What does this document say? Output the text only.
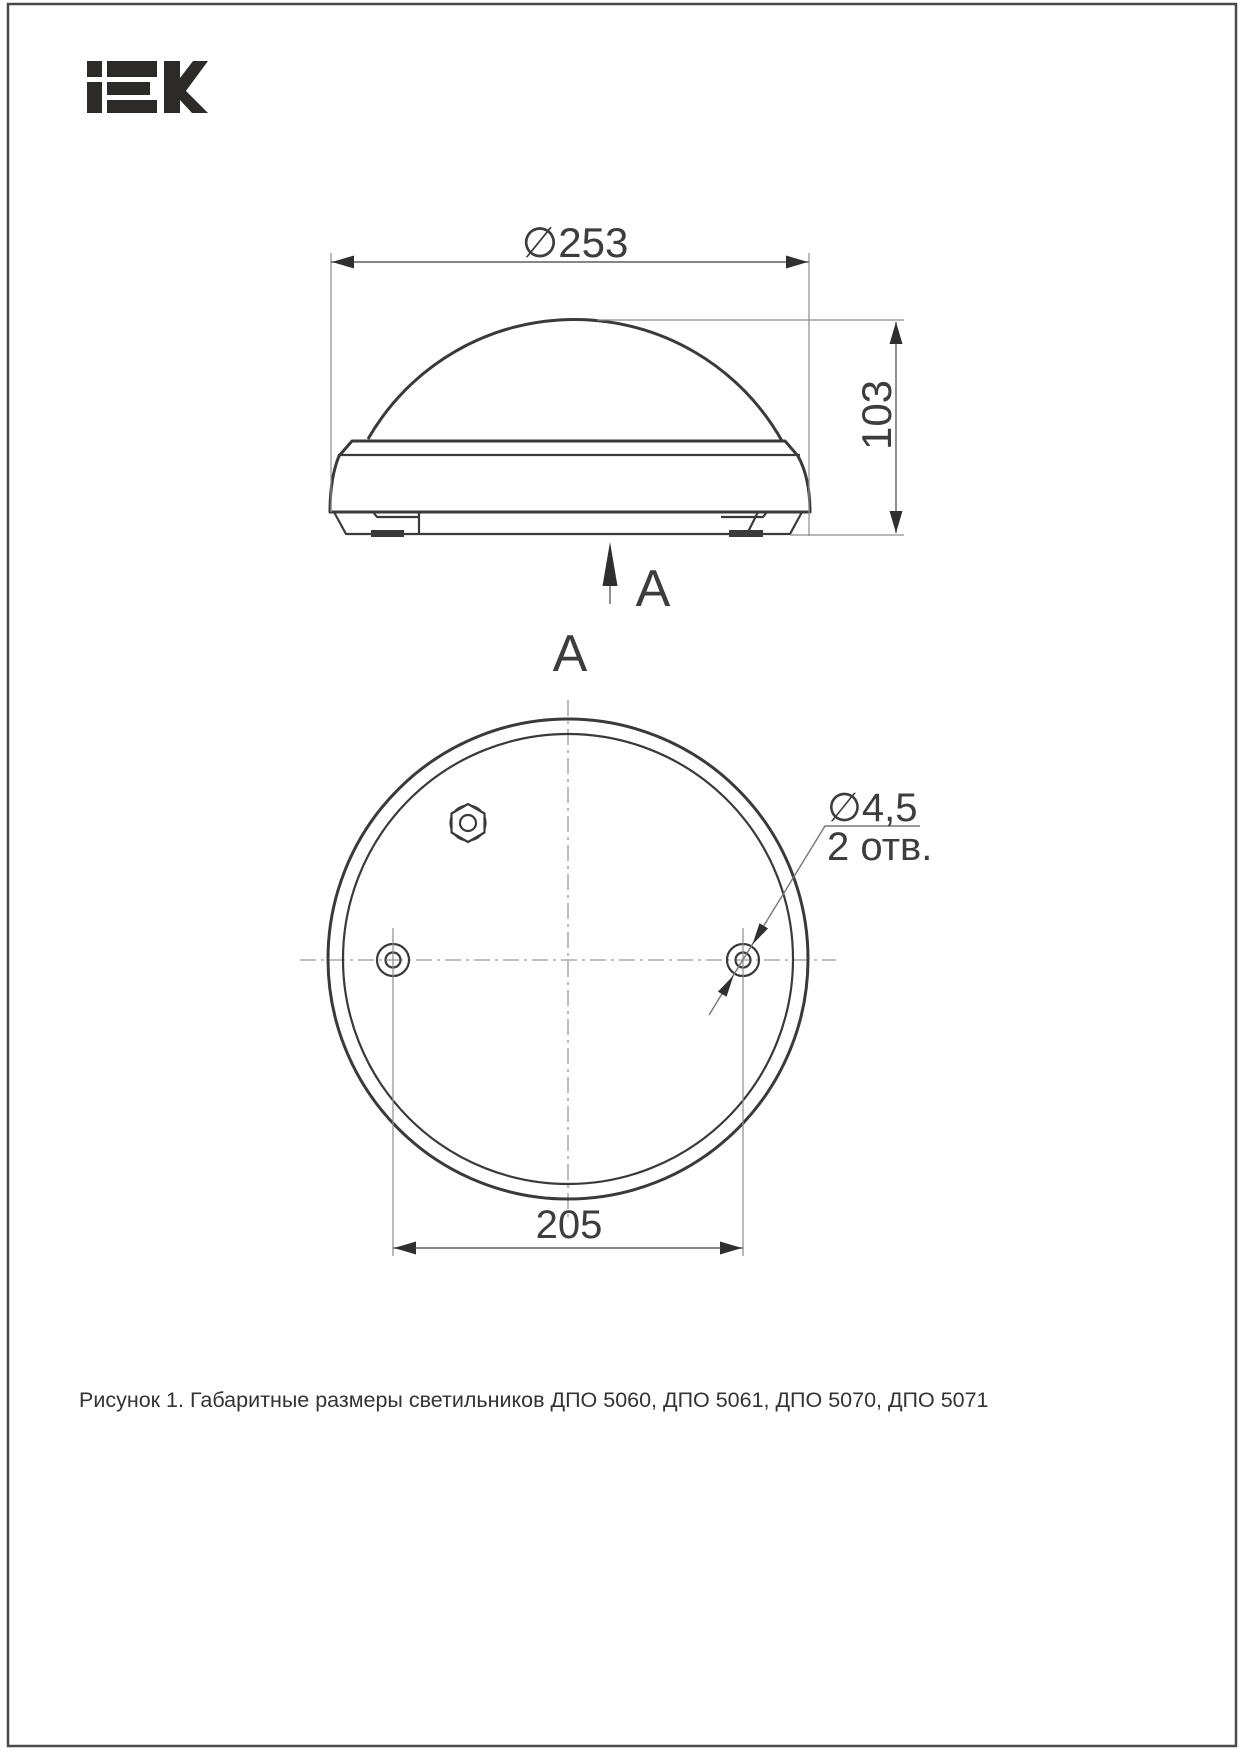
∅253
103
A
A
∅4,5
2 отв.
205
Рисунок 1. Габаритные размеры светильников ДПО 5060, ДПО 5061, ДПО 5070, ДПО 5071
